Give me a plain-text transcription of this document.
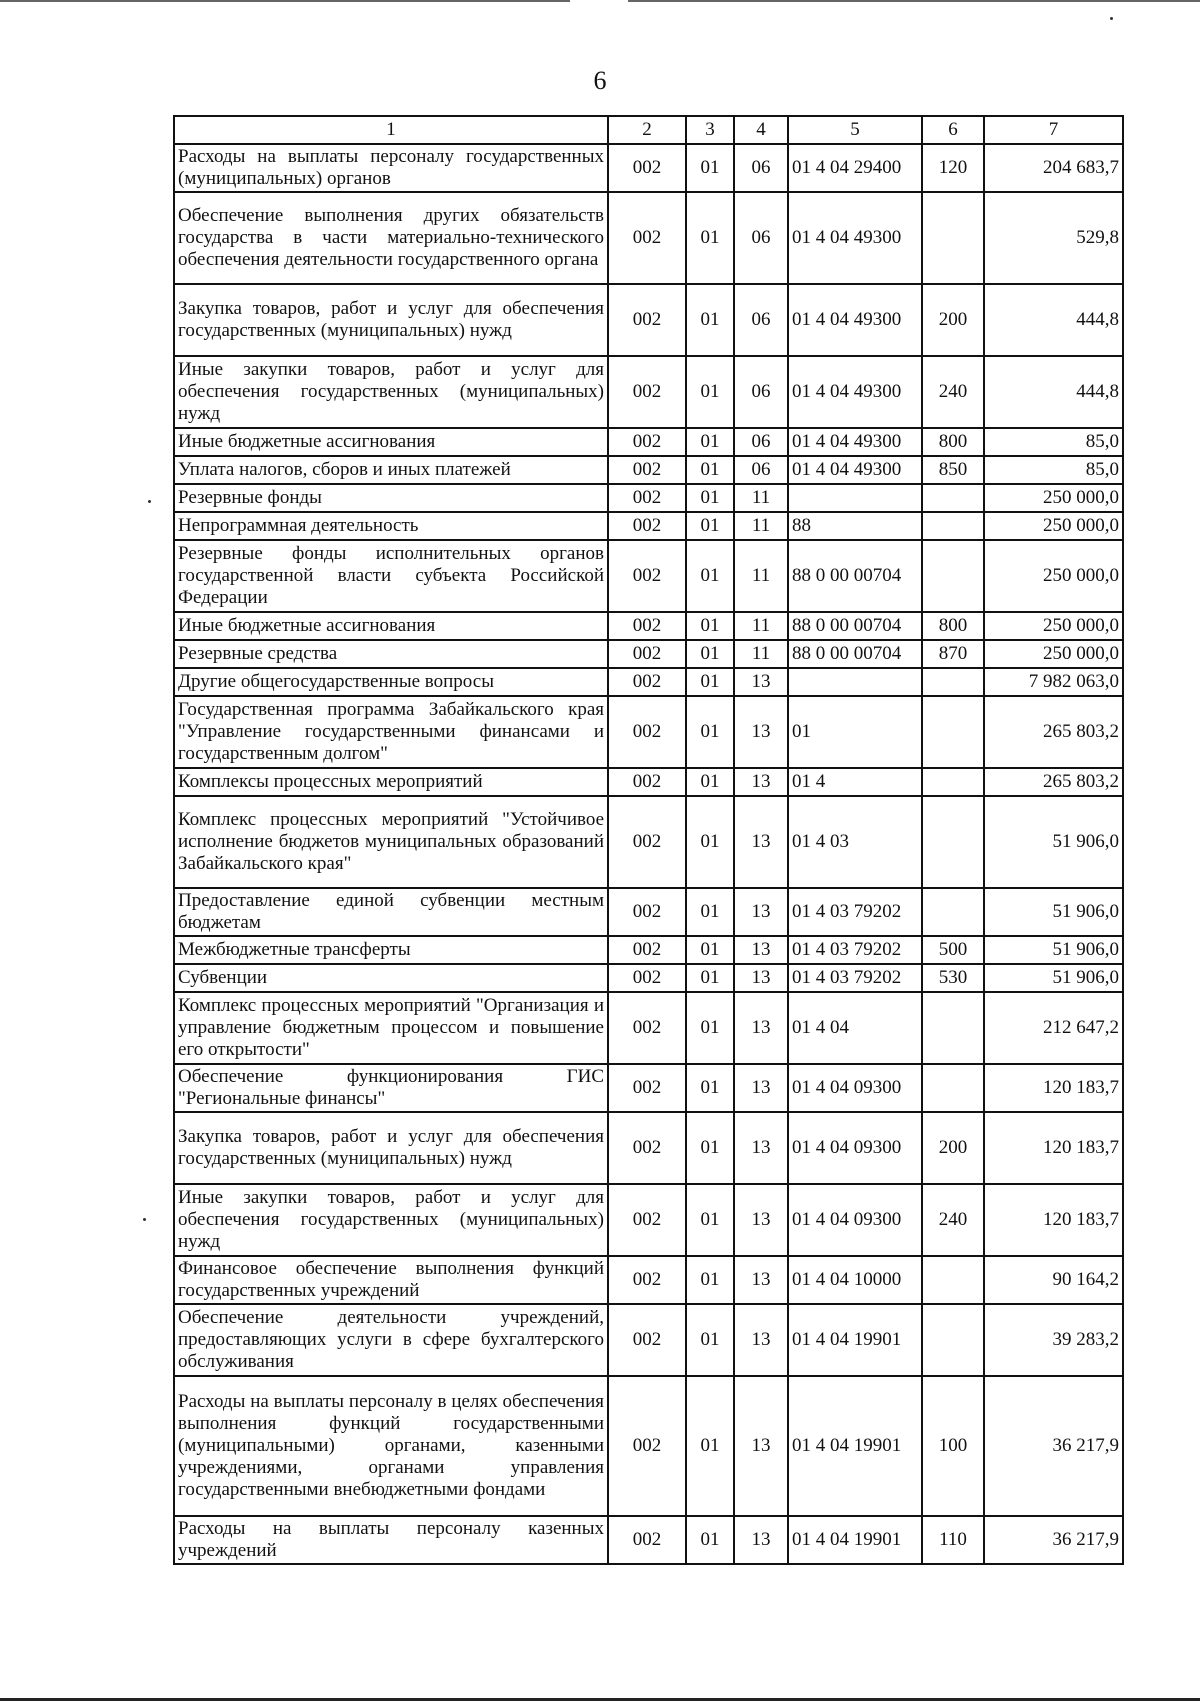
6
1	2	3	4	5	6	7
Расходы на выплаты персоналу государственных (муниципальных) органов	002	01	06	01 4 04 29400	120	204 683,7
Обеспечение выполнения других обязательств государства в части материально-технического обеспечения деятельности государственного органа	002	01	06	01 4 04 49300		529,8
Закупка товаров, работ и услуг для обеспечения государственных (муниципальных) нужд	002	01	06	01 4 04 49300	200	444,8
Иные закупки товаров, работ и услуг для обеспечения государственных (муниципальных) нужд	002	01	06	01 4 04 49300	240	444,8
Иные бюджетные ассигнования	002	01	06	01 4 04 49300	800	85,0
Уплата налогов, сборов и иных платежей	002	01	06	01 4 04 49300	850	85,0
Резервные фонды	002	01	11			250 000,0
Непрограммная деятельность	002	01	11	88		250 000,0
Резервные фонды исполнительных органов государственной власти субъекта Российской Федерации	002	01	11	88 0 00 00704		250 000,0
Иные бюджетные ассигнования	002	01	11	88 0 00 00704	800	250 000,0
Резервные средства	002	01	11	88 0 00 00704	870	250 000,0
Другие общегосударственные вопросы	002	01	13			7 982 063,0
Государственная программа Забайкальского края "Управление государственными финансами и государственным долгом"	002	01	13	01		265 803,2
Комплексы процессных мероприятий	002	01	13	01 4		265 803,2
Комплекс процессных мероприятий "Устойчивое исполнение бюджетов муниципальных образований Забайкальского края"	002	01	13	01 4 03		51 906,0
Предоставление единой субвенции местным бюджетам	002	01	13	01 4 03 79202		51 906,0
Межбюджетные трансферты	002	01	13	01 4 03 79202	500	51 906,0
Субвенции	002	01	13	01 4 03 79202	530	51 906,0
Комплекс процессных мероприятий "Организация и управление бюджетным процессом и повышение его открытости"	002	01	13	01 4 04		212 647,2
Обеспечение функционирования ГИС "Региональные финансы"	002	01	13	01 4 04 09300		120 183,7
Закупка товаров, работ и услуг для обеспечения государственных (муниципальных) нужд	002	01	13	01 4 04 09300	200	120 183,7
Иные закупки товаров, работ и услуг для обеспечения государственных (муниципальных) нужд	002	01	13	01 4 04 09300	240	120 183,7
Финансовое обеспечение выполнения функций государственных учреждений	002	01	13	01 4 04 10000		90 164,2
Обеспечение деятельности учреждений, предоставляющих услуги в сфере бухгалтерского обслуживания	002	01	13	01 4 04 19901		39 283,2
Расходы на выплаты персоналу в целях обеспечения выполнения функций государственными (муниципальными) органами, казенными учреждениями, органами управления государственными внебюджетными фондами	002	01	13	01 4 04 19901	100	36 217,9
Расходы на выплаты персоналу казенных учреждений	002	01	13	01 4 04 19901	110	36 217,9
